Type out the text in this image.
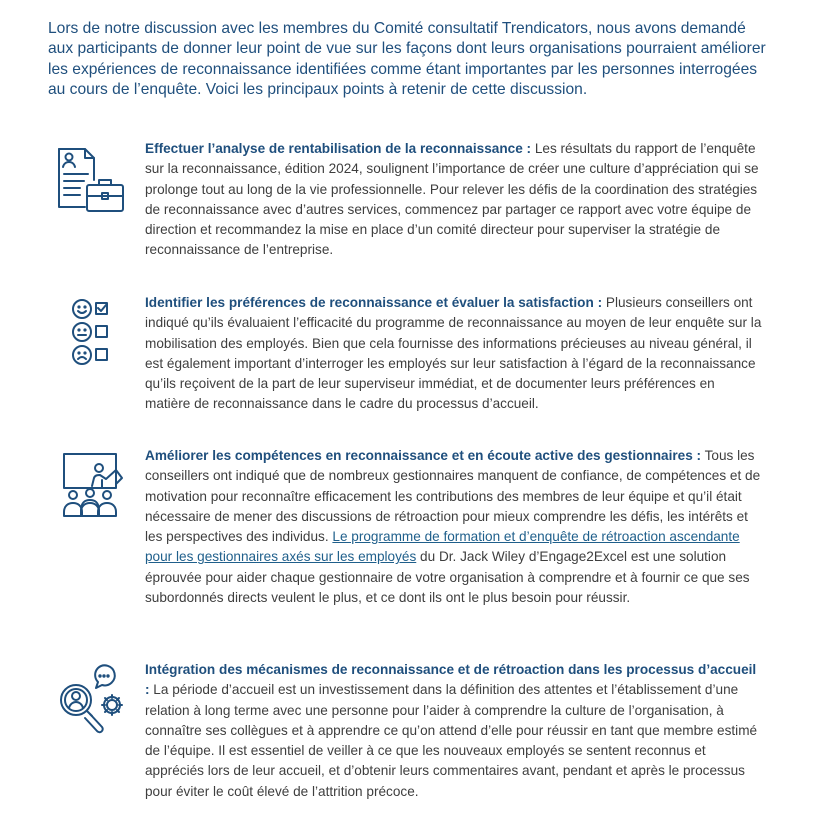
Lors de notre discussion avec les membres du Comité consultatif Trendicators, nous avons demandé aux participants de donner leur point de vue sur les façons dont leurs organisations pourraient améliorer les expériences de reconnaissance identifiées comme étant importantes par les personnes interrogées au cours de l’enquête. Voici les principaux points à retenir de cette discussion.

Effectuer l’analyse de rentabilisation de la reconnaissance : Les résultats du rapport de l’enquête sur la reconnaissance, édition 2024, soulignent l’importance de créer une culture d’appréciation qui se prolonge tout au long de la vie professionnelle. Pour relever les défis de la coordination des stratégies de reconnaissance avec d’autres services, commencez par partager ce rapport avec votre équipe de direction et recommandez la mise en place d’un comité directeur pour superviser la stratégie de reconnaissance de l’entreprise.

Identifier les préférences de reconnaissance et évaluer la satisfaction : Plusieurs conseillers ont indiqué qu’ils évaluaient l’efficacité du programme de reconnaissance au moyen de leur enquête sur la mobilisation des employés. Bien que cela fournisse des informations précieuses au niveau général, il est également important d’interroger les employés sur leur satisfaction à l’égard de la reconnaissance qu’ils reçoivent de la part de leur superviseur immédiat, et de documenter leurs préférences en matière de reconnaissance dans le cadre du processus d’accueil.

Améliorer les compétences en reconnaissance et en écoute active des gestionnaires : Tous les conseillers ont indiqué que de nombreux gestionnaires manquent de confiance, de compétences et de motivation pour reconnaître efficacement les contributions des membres de leur équipe et qu’il était nécessaire de mener des discussions de rétroaction pour mieux comprendre les défis, les intérêts et les perspectives des individus. Le programme de formation et d’enquête de rétroaction ascendante pour les gestionnaires axés sur les employés du Dr. Jack Wiley d’Engage2Excel est une solution éprouvée pour aider chaque gestionnaire de votre organisation à comprendre et à fournir ce que ses subordonnés directs veulent le plus, et ce dont ils ont le plus besoin pour réussir.

Intégration des mécanismes de reconnaissance et de rétroaction dans les processus d’accueil : La période d’accueil est un investissement dans la définition des attentes et l’établissement d’une relation à long terme avec une personne pour l’aider à comprendre la culture de l’organisation, à connaître ses collègues et à apprendre ce qu’on attend d’elle pour réussir en tant que membre estimé de l’équipe. Il est essentiel de veiller à ce que les nouveaux employés se sentent reconnus et appréciés lors de leur accueil, et d’obtenir leurs commentaires avant, pendant et après le processus pour éviter le coût élevé de l’attrition précoce.
